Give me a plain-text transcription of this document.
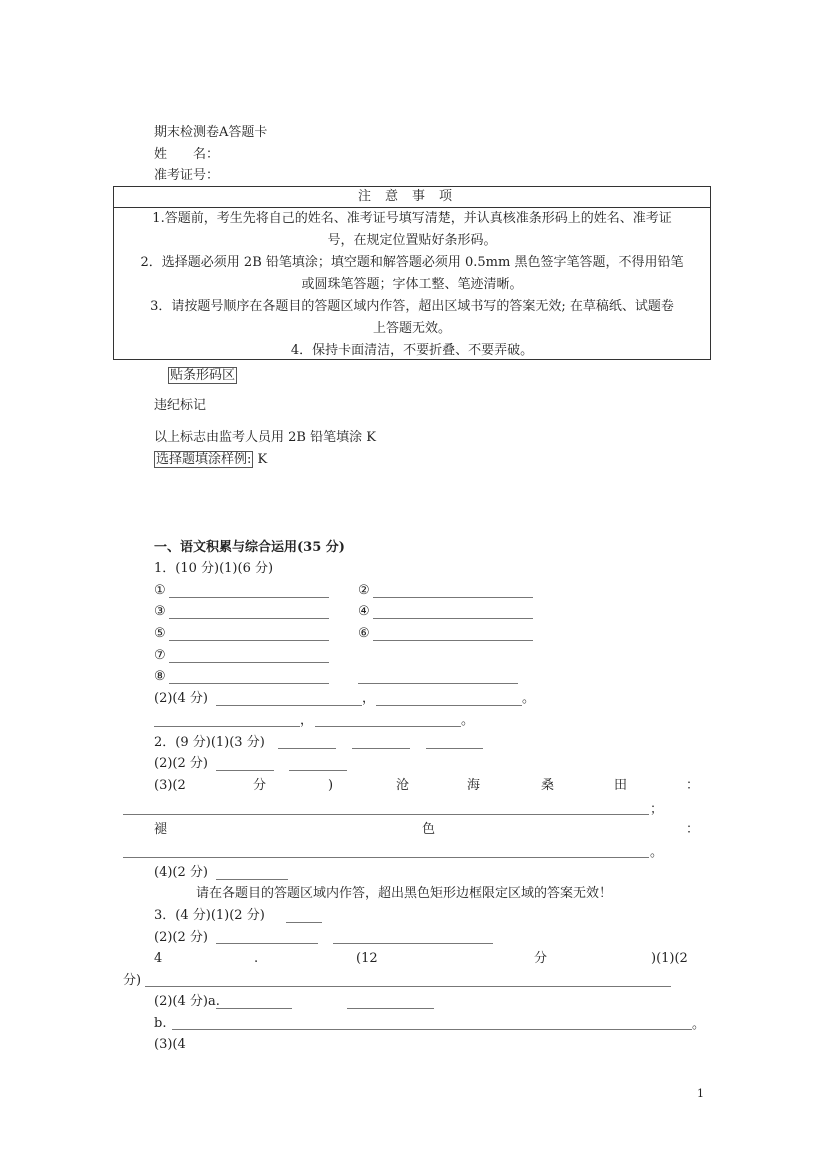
期末检测卷A答题卡
姓　　名：
准考证号：
注意事项
1.答题前，考生先将自己的姓名、准考证号填写清楚，并认真核准条形码上的姓名、准考证
号，在规定位置贴好条形码。
2．选择题必须用 2B 铅笔填涂；填空题和解答题必须用 0.5mm 黑色签字笔答题，不得用铅笔
或圆珠笔答题；字体工整、笔迹清晰。
3．请按题号顺序在各题目的答题区域内作答，超出区域书写的答案无效; 在草稿纸、试题卷
上答题无效。
4．保持卡面清洁，不要折叠、不要弄破。
贴条形码区
违纪标记
以上标志由监考人员用 2B 铅笔填涂 K
选择题填涂样例: K
一、语文积累与综合运用(35 分)
1．(10 分)(1)(6 分)
①	②
③	④
⑤	⑥
⑦
⑧
(2)(4 分)	，	。
，	。
2．(9 分)(1)(3 分)
(2)(2 分)
(3)(2	分	)	沧	海	桑	田	：
；
褪	色	：
。
(4)(2 分)
请在各题目的答题区域内作答，超出黑色矩形边框限定区域的答案无效！
3．(4 分)(1)(2 分)
(2)(2 分)
4	.	(12	分	)(1)(2
分)
(2)(4 分)a.
b.	。
(3)(4
1
